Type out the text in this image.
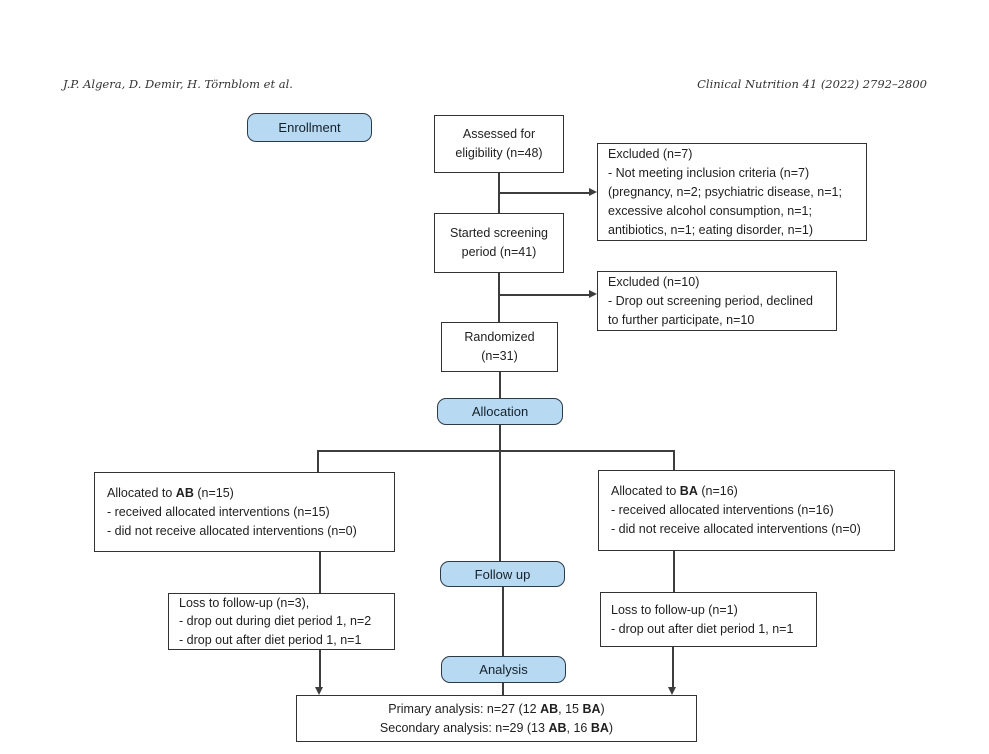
J.P. Algera, D. Demir, H. Törnblom et al.	Clinical Nutrition 41 (2022) 2792–2800
Enrollment
Allocation
Follow up
Analysis
Assessed for
eligibility (n=48)	Excluded (n=7)
- Not meeting inclusion criteria (n=7)
(pregnancy, n=2; psychiatric disease, n=1;
excessive alcohol consumption, n=1;
antibiotics, n=1; eating disorder, n=1)
Started screening
period (n=41)
Excluded (n=10)
- Drop out screening period, declined
to further participate, n=10
Randomized
(n=31)
Allocated to AB (n=15)
- received allocated interventions (n=15)
- did not receive allocated interventions (n=0)
Allocated to BA (n=16)
- received allocated interventions (n=16)
- did not receive allocated interventions (n=0)
Loss to follow-up (n=3),
- drop out during diet period 1, n=2
- drop out after diet period 1, n=1
Loss to follow-up (n=1)
- drop out after diet period 1, n=1
Primary analysis: n=27 (12 AB, 15 BA)
Secondary analysis: n=29 (13 AB, 16 BA)
